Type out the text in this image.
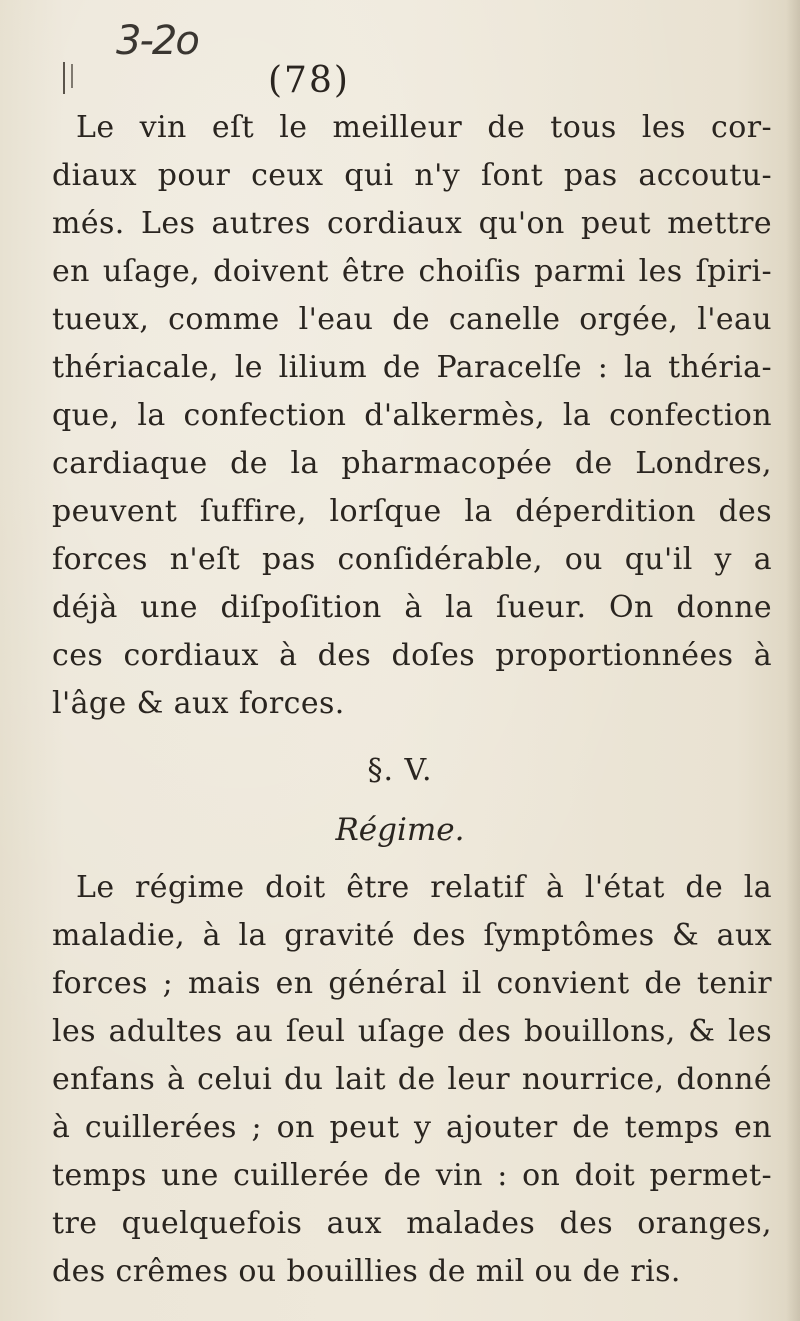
3-2o
(78)
Le vin eſt le meilleur de tous les cor-
diaux pour ceux qui n'y ſont pas accoutu-
més. Les autres cordiaux qu'on peut mettre
en uſage, doivent être choiſis parmi les ſpiri-
tueux, comme l'eau de canelle orgée, l'eau
thériacale, le lilium de Paracelſe : la théria-
que, la confection d'alkermès, la confection
cardiaque de la pharmacopée de Londres,
peuvent ſuffire, lorſque la déperdition des
forces n'eſt pas conſidérable, ou qu'il y a
déjà une diſpoſition à la ſueur. On donne
ces cordiaux à des doſes proportionnées à
l'âge & aux forces.
§. V.
Régime.
Le régime doit être relatif à l'état de la
maladie, à la gravité des ſymptômes & aux
forces ; mais en général il convient de tenir
les adultes au ſeul uſage des bouillons, & les
enfans à celui du lait de leur nourrice, donné
à cuillerées ; on peut y ajouter de temps en
temps une cuillerée de vin : on doit permet-
tre quelquefois aux malades des oranges,
des crêmes ou bouillies de mil ou de ris.
